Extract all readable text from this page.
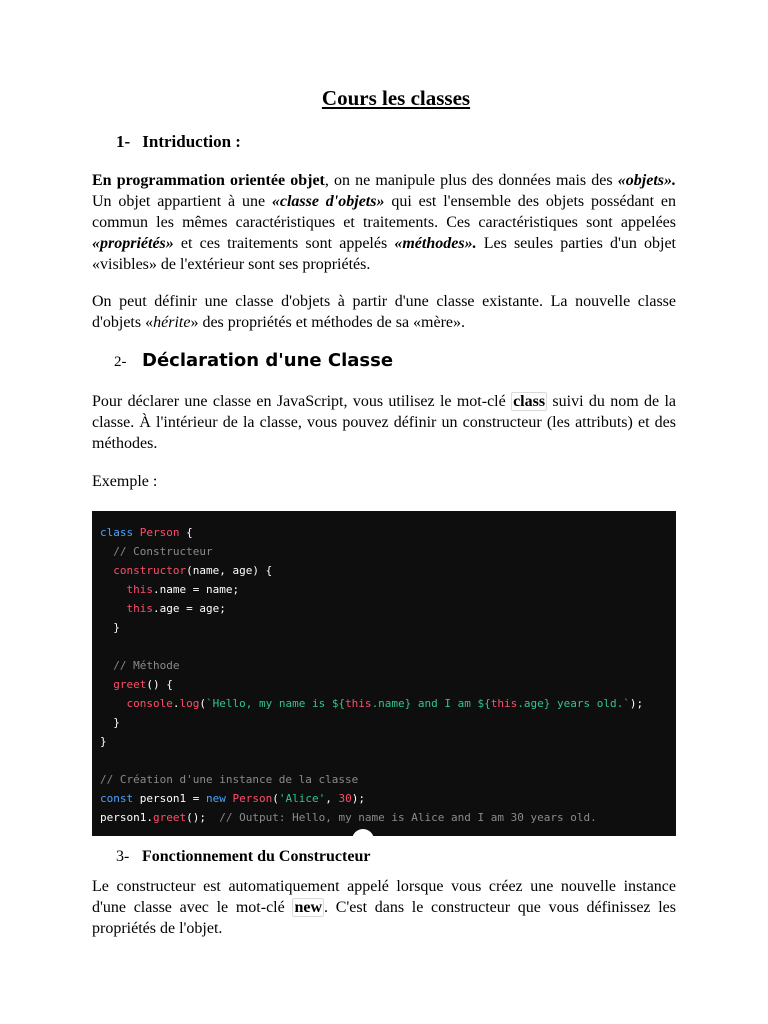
Cours les classes
1- Intriduction :

En programmation orientée objet, on ne manipule plus des données mais des «objets». Un objet appartient à une «classe d'objets» qui est l'ensemble des objets possédant en commun les mêmes caractéristiques et traitements. Ces caractéristiques sont appelées «propriétés» et ces traitements sont appelés «méthodes». Les seules parties d'un objet «visibles» de l'extérieur sont ses propriétés.

On peut définir une classe d'objets à partir d'une classe existante. La nouvelle classe d'objets «hérite» des propriétés et méthodes de sa «mère».

2- Déclaration d'une Classe

Pour déclarer une classe en JavaScript, vous utilisez le mot-clé class suivi du nom de la classe. À l'intérieur de la classe, vous pouvez définir un constructeur (les attributs) et des méthodes.

Exemple :

class Person {
// Constructeur
constructor(name, age) {
this.name = name;
this.age = age;
}
// Méthode
greet() {
console.log(`Hello, my name is ${this.name} and I am ${this.age} years old.`);
}
}
// Création d'une instance de la classe
const person1 = new Person('Alice', 30);
person1.greet();  // Output: Hello, my name is Alice and I am 30 years old.
3- Fonctionnement du Constructeur

Le constructeur est automatiquement appelé lorsque vous créez une nouvelle instance d'une classe avec le mot-clé new . C'est dans le constructeur que vous définissez les propriétés de l'objet.
